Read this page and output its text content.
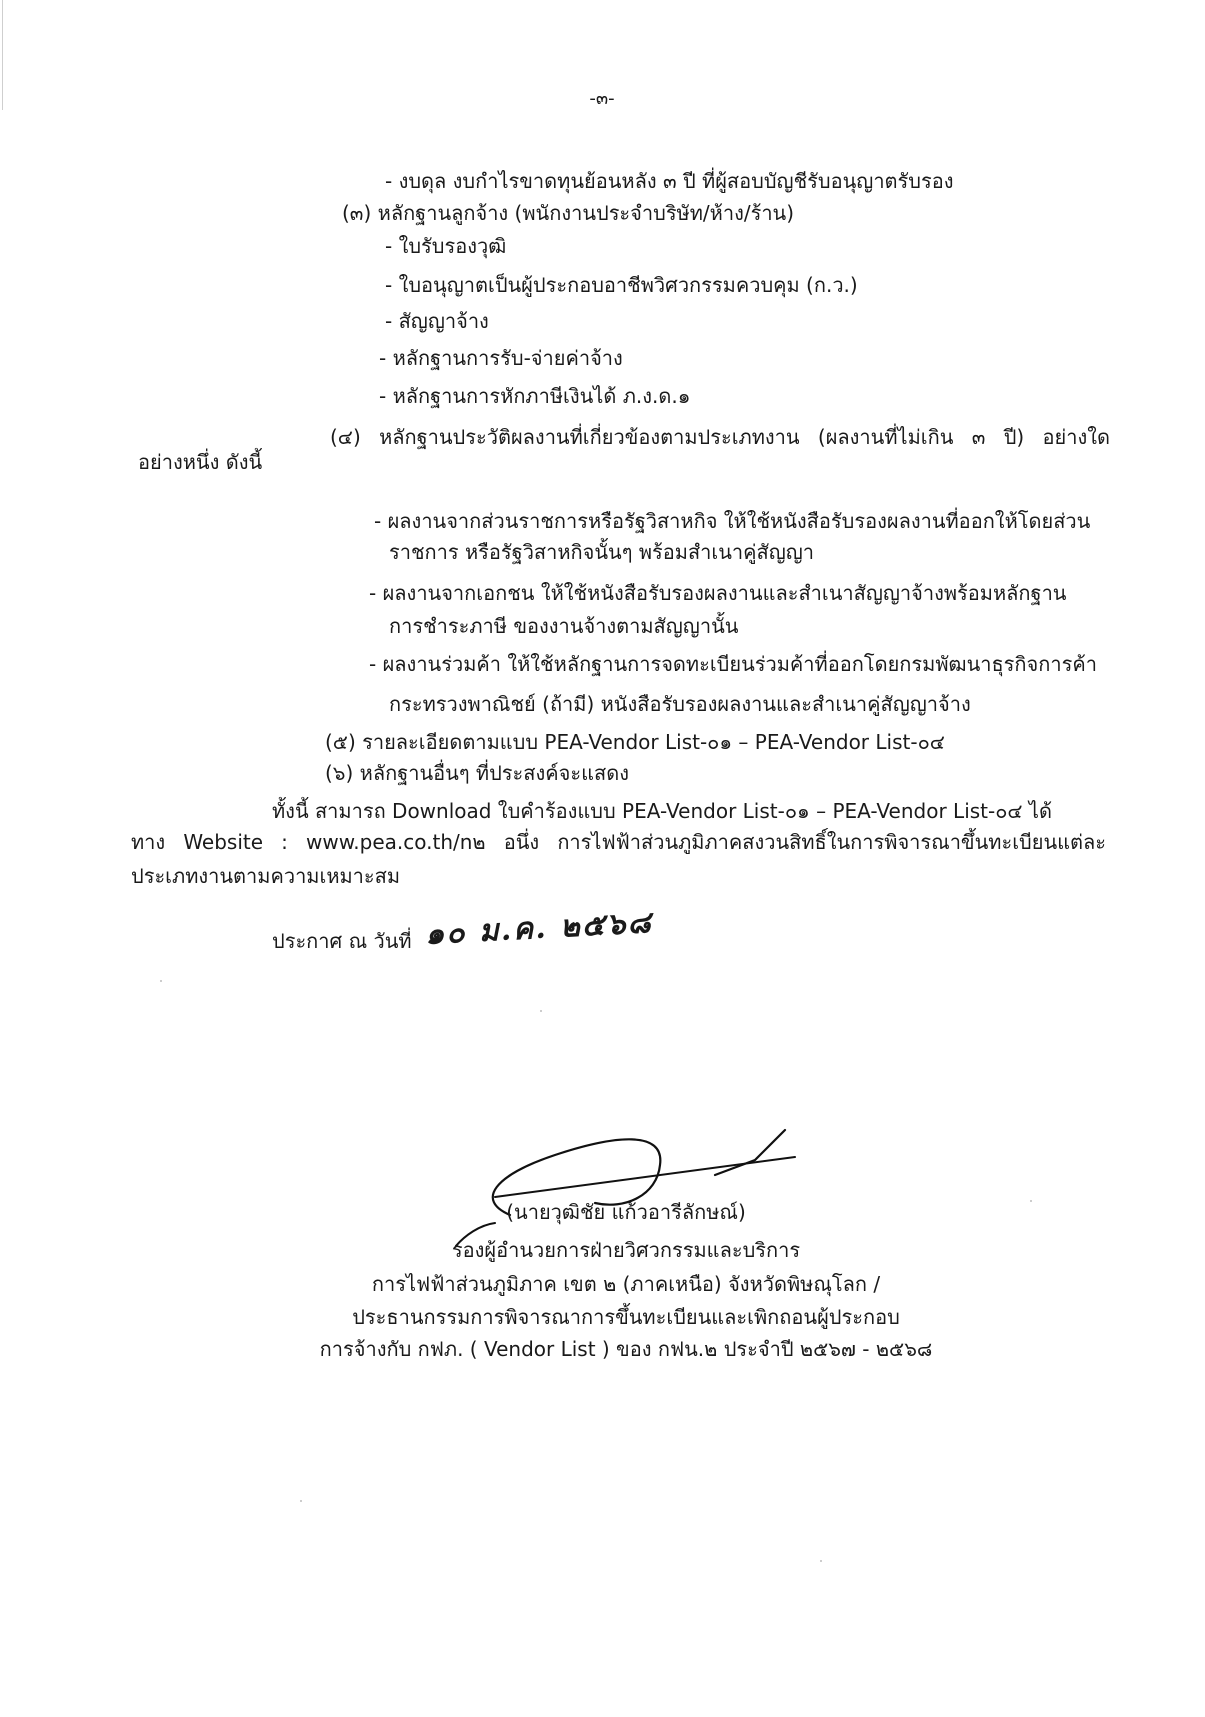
-๓-
- งบดุล งบกำไรขาดทุนย้อนหลัง ๓ ปี ที่ผู้สอบบัญชีรับอนุญาตรับรอง
(๓) หลักฐานลูกจ้าง (พนักงานประจำบริษัท/ห้าง/ร้าน)
- ใบรับรองวุฒิ
- ใบอนุญาตเป็นผู้ประกอบอาชีพวิศวกรรมควบคุม (ก.ว.)
- สัญญาจ้าง
- หลักฐานการรับ-จ่ายค่าจ้าง
- หลักฐานการหักภาษีเงินได้ ภ.ง.ด.๑
(๔) หลักฐานประวัติผลงานที่เกี่ยวข้องตามประเภทงาน (ผลงานที่ไม่เกิน ๓ ปี) อย่างใด
อย่างหนึ่ง ดังนี้
- ผลงานจากส่วนราชการหรือรัฐวิสาหกิจ ให้ใช้หนังสือรับรองผลงานที่ออกให้โดยส่วน
ราชการ หรือรัฐวิสาหกิจนั้นๆ พร้อมสำเนาคู่สัญญา
- ผลงานจากเอกชน ให้ใช้หนังสือรับรองผลงานและสำเนาสัญญาจ้างพร้อมหลักฐาน
การชำระภาษี ของงานจ้างตามสัญญานั้น
- ผลงานร่วมค้า ให้ใช้หลักฐานการจดทะเบียนร่วมค้าที่ออกโดยกรมพัฒนาธุรกิจการค้า
กระทรวงพาณิชย์ (ถ้ามี) หนังสือรับรองผลงานและสำเนาคู่สัญญาจ้าง
(๕) รายละเอียดตามแบบ PEA-Vendor List-๐๑ – PEA-Vendor List-๐๔
(๖) หลักฐานอื่นๆ ที่ประสงค์จะแสดง
ทั้งนี้ สามารถ Download ใบคำร้องแบบ PEA-Vendor List-๐๑ – PEA-Vendor List-๐๔ ได้
ทาง Website : www.pea.co.th/n๒ อนึ่ง การไฟฟ้าส่วนภูมิภาคสงวนสิทธิ์ในการพิจารณาขึ้นทะเบียนแต่ละ
ประเภทงานตามความเหมาะสม
ประกาศ ณ วันที่ ๑๐ ม.ค. ๒๕๖๘
(นายวุฒิชัย แก้วอารีลักษณ์)
รองผู้อำนวยการฝ่ายวิศวกรรมและบริการ
การไฟฟ้าส่วนภูมิภาค เขต ๒ (ภาคเหนือ) จังหวัดพิษณุโลก /
ประธานกรรมการพิจารณาการขึ้นทะเบียนและเพิกถอนผู้ประกอบ
การจ้างกับ กฟภ. ( Vendor List ) ของ กฟน.๒ ประจำปี ๒๕๖๗ - ๒๕๖๘
